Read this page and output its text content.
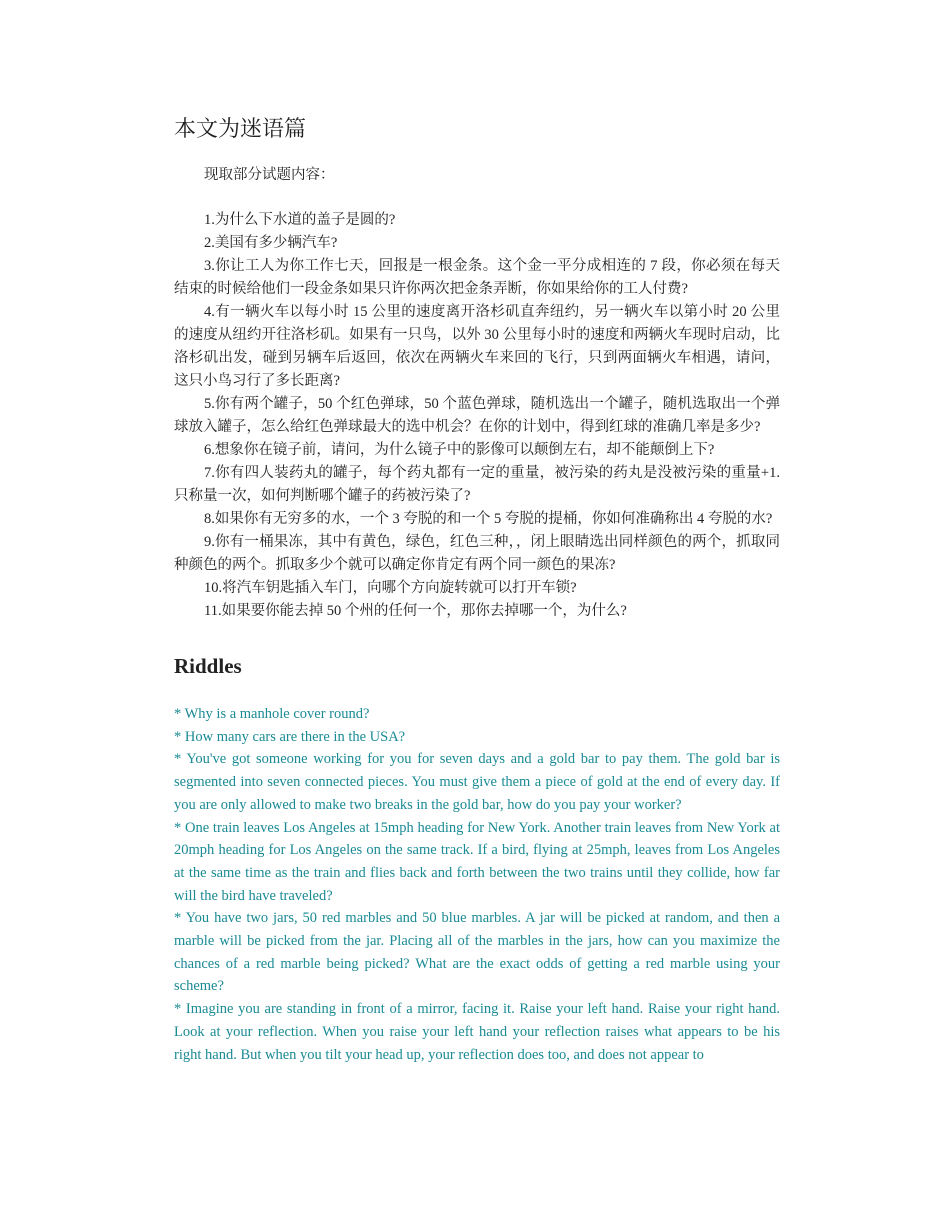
本文为迷语篇

现取部分试题内容：

1.为什么下水道的盖子是圆的?

2.美国有多少辆汽车?

3.你让工人为你工作七天，回报是一根金条。这个金一平分成相连的 7 段，你必须在每天结束的时候给他们一段金条如果只许你两次把金条弄断，你如果给你的工人付费?

4.有一辆火车以每小时 15 公里的速度离开洛杉矶直奔纽约，另一辆火车以第小时 20 公里的速度从纽约开往洛杉矶。如果有一只鸟，以外 30 公里每小时的速度和两辆火车现时启动，比洛杉矶出发，碰到另辆车后返回，依次在两辆火车来回的飞行，只到两面辆火车相遇，请问，这只小鸟习行了多长距离?

5.你有两个罐子，50 个红色弹球，50 个蓝色弹球，随机选出一个罐子，随机选取出一个弹球放入罐子，怎么给红色弹球最大的选中机会？在你的计划中，得到红球的准确几率是多少?

6.想象你在镜子前，请问，为什么镜子中的影像可以颠倒左右，却不能颠倒上下?

7.你有四人装药丸的罐子，每个药丸都有一定的重量，被污染的药丸是没被污染的重量+1.只称量一次，如何判断哪个罐子的药被污染了?

8.如果你有无穷多的水，一个 3 夸脱的和一个 5 夸脱的提桶，你如何准确称出 4 夸脱的水?

9.你有一桶果冻，其中有黄色，绿色，红色三种，，闭上眼睛选出同样颜色的两个，抓取同种颜色的两个。抓取多少个就可以确定你肯定有两个同一颜色的果冻?

10.将汽车钥匙插入车门，向哪个方向旋转就可以打开车锁?

11.如果要你能去掉 50 个州的任何一个，那你去掉哪一个，为什么?

Riddles

* Why is a manhole cover round?

* How many cars are there in the USA?

* You've got someone working for you for seven days and a gold bar to pay them. The gold bar is segmented into seven connected pieces. You must give them a piece of gold at the end of every day. If you are only allowed to make two breaks in the gold bar, how do you pay your worker?

* One train leaves Los Angeles at 15mph heading for New York. Another train leaves from New York at 20mph heading for Los Angeles on the same track. If a bird, flying at 25mph, leaves from Los Angeles at the same time as the train and flies back and forth between the two trains until they collide, how far will the bird have traveled?

* You have two jars, 50 red marbles and 50 blue marbles. A jar will be picked at random, and then a marble will be picked from the jar. Placing all of the marbles in the jars, how can you maximize the chances of a red marble being picked? What are the exact odds of getting a red marble using your scheme?

* Imagine you are standing in front of a mirror, facing it. Raise your left hand. Raise your right hand. Look at your reflection. When you raise your left hand your reflection raises what appears to be his right hand. But when you tilt your head up, your reflection does too, and does not appear to
